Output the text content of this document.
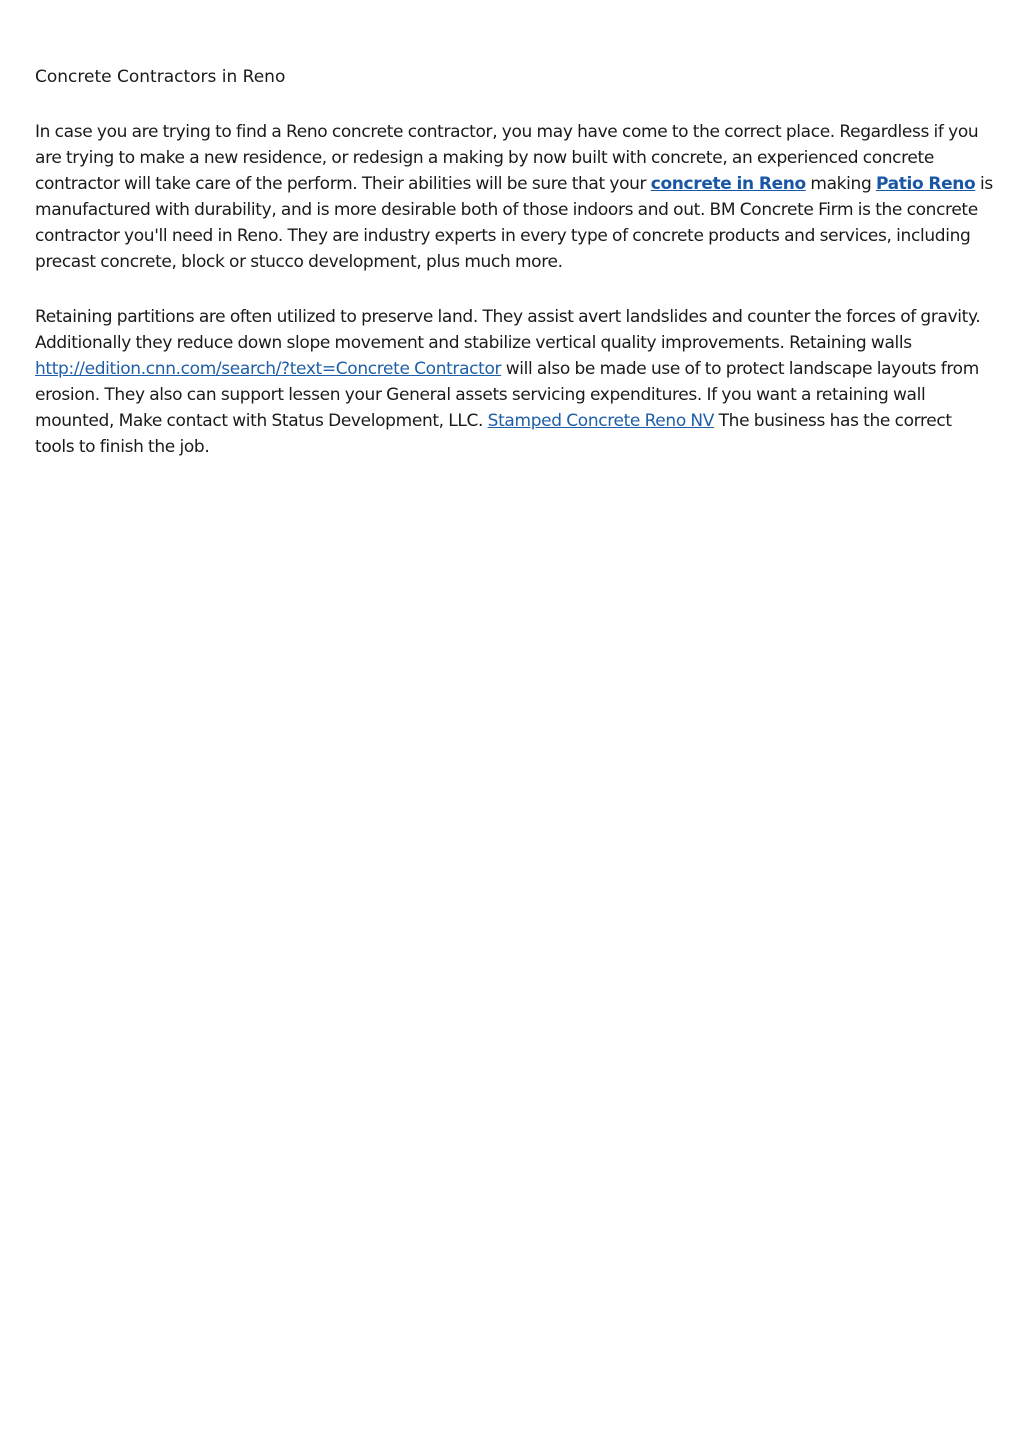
Concrete Contractors in Reno

In case you are trying to find a Reno concrete contractor, you may have come to the correct place. Regardless if you are trying to make a new residence, or redesign a making by now built with concrete, an experienced concrete contractor will take care of the perform. Their abilities will be sure that your concrete in Reno making Patio Reno is manufactured with durability, and is more desirable both of those indoors and out. BM Concrete Firm is the concrete contractor you'll need in Reno. They are industry experts in every type of concrete products and services, including precast concrete, block or stucco development, plus much more.

Retaining partitions are often utilized to preserve land. They assist avert landslides and counter the forces of gravity. Additionally they reduce down slope movement and stabilize vertical quality improvements. Retaining walls http://edition.cnn.com/search/?text=Concrete Contractor will also be made use of to protect landscape layouts from erosion. They also can support lessen your General assets servicing expenditures. If you want a retaining wall mounted, Make contact with Status Development, LLC. Stamped Concrete Reno NV The business has the correct tools to finish the job.
